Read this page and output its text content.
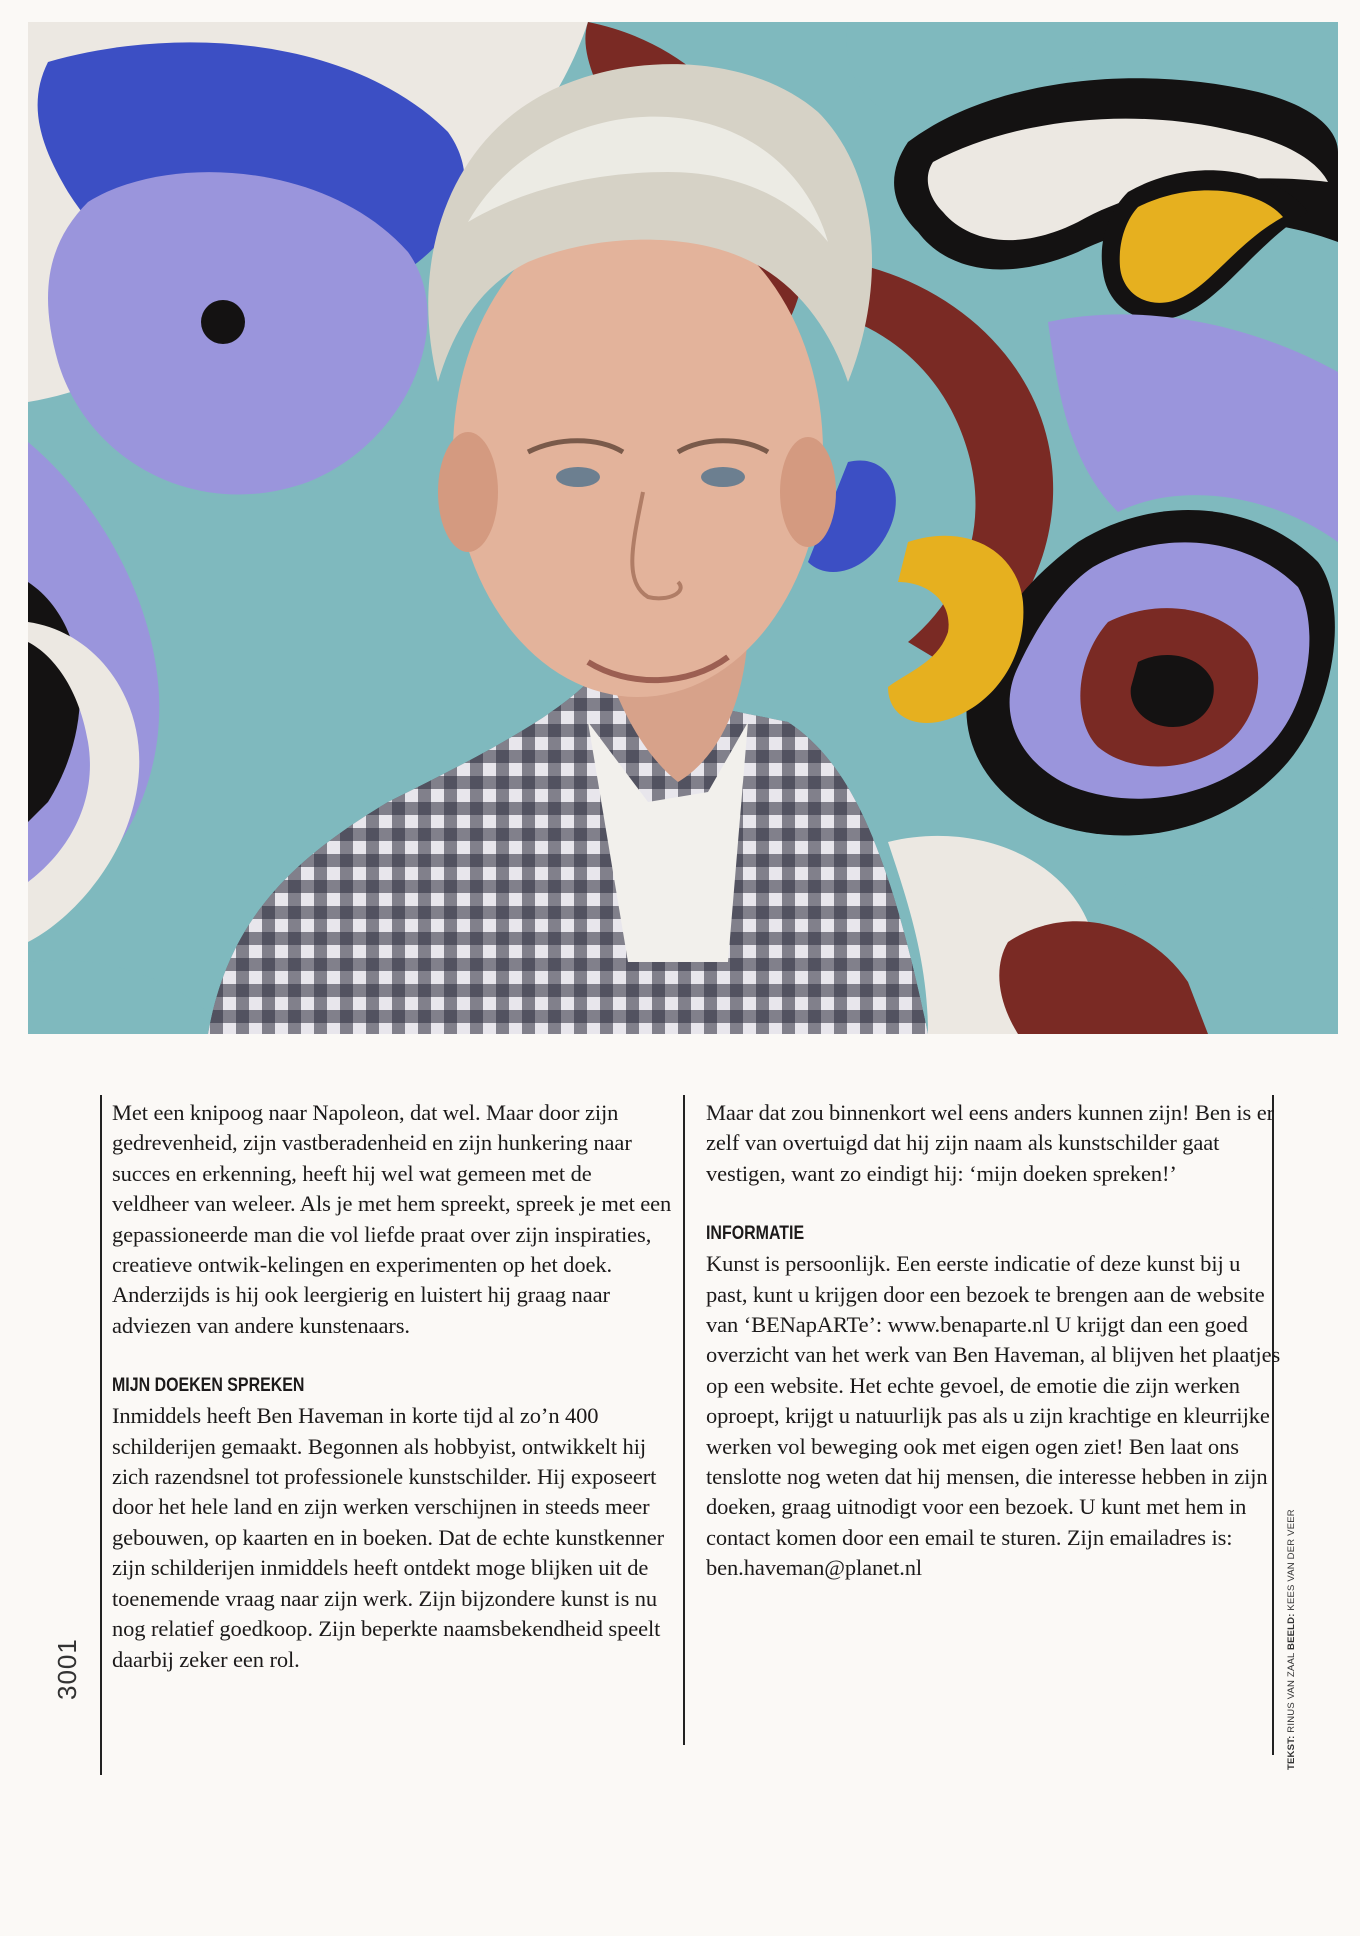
Met een knipoog naar Napoleon, dat wel. Maar door zijn gedrevenheid, zijn vastberadenheid en zijn hunkering naar succes en erkenning, heeft hij wel wat gemeen met de veldheer van weleer. Als je met hem spreekt, spreek je met een gepassioneerde man die vol liefde praat over zijn inspiraties, creatieve ontwik-kelingen en experimenten op het doek. Anderzijds is hij ook leergierig en luistert hij graag naar adviezen van andere kunstenaars.

MIJN DOEKEN SPREKEN

Inmiddels heeft Ben Haveman in korte tijd al zo’n 400 schilderijen gemaakt. Begonnen als hobbyist, ontwikkelt hij zich razendsnel tot professionele kunstschilder. Hij exposeert door het hele land en zijn werken verschijnen in steeds meer gebouwen, op kaarten en in boeken. Dat de echte kunstkenner zijn schilderijen inmiddels heeft ontdekt moge blijken uit de toenemende vraag naar zijn werk. Zijn bijzondere kunst is nu nog relatief goedkoop. Zijn beperkte naamsbekendheid speelt daarbij zeker een rol.

Maar dat zou binnenkort wel eens anders kunnen zijn! Ben is er zelf van overtuigd dat hij zijn naam als kunstschilder gaat vestigen, want zo eindigt hij: ‘mijn doeken spreken!’

INFORMATIE

Kunst is persoonlijk. Een eerste indicatie of deze kunst bij u past, kunt u krijgen door een bezoek te brengen aan de website van ‘BENapARTe’: www.benaparte.nl U krijgt dan een goed overzicht van het werk van Ben Haveman, al blijven het plaatjes op een website. Het echte gevoel, de emotie die zijn werken oproept, krijgt u natuurlijk pas als u zijn krachtige en kleurrijke werken vol beweging ook met eigen ogen ziet! Ben laat ons tenslotte nog weten dat hij mensen, die interesse hebben in zijn doeken, graag uitnodigt voor een bezoek. U kunt met hem in contact komen door een email te sturen. Zijn emailadres is: ben.haveman@planet.nl

3001
TEKST: RINUS VAN ZAAL BEELD: KEES VAN DER VEER
